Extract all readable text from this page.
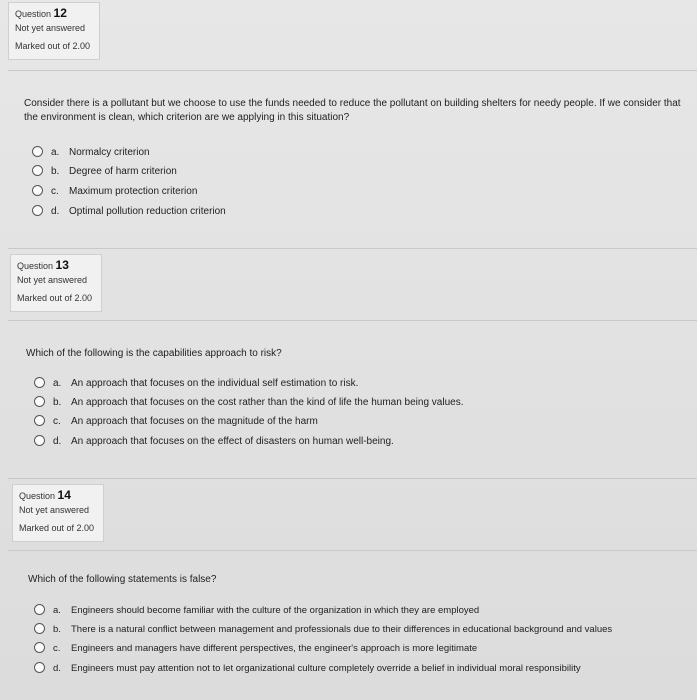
Question 12
Not yet answered
Marked out of 2.00
Consider there is a pollutant but we choose to use the funds needed to reduce the pollutant on building shelters for needy people. If we consider that the environment is clean, which criterion are we applying in this situation?
a. Normalcy criterion
b. Degree of harm criterion
c. Maximum protection criterion
d. Optimal pollution reduction criterion
Question 13
Not yet answered
Marked out of 2.00
Which of the following is the capabilities approach to risk?
a. An approach that focuses on the individual self estimation to risk.
b. An approach that focuses on the cost rather than the kind of life the human being values.
c. An approach that focuses on the magnitude of the harm
d. An approach that focuses on the effect of disasters on human well-being.
Question 14
Not yet answered
Marked out of 2.00
Which of the following statements is false?
a. Engineers should become familiar with the culture of the organization in which they are employed
b. There is a natural conflict between management and professionals due to their differences in educational background and values
c. Engineers and managers have different perspectives, the engineer's approach is more legitimate
d. Engineers must pay attention not to let organizational culture completely override a belief in individual moral responsibility
